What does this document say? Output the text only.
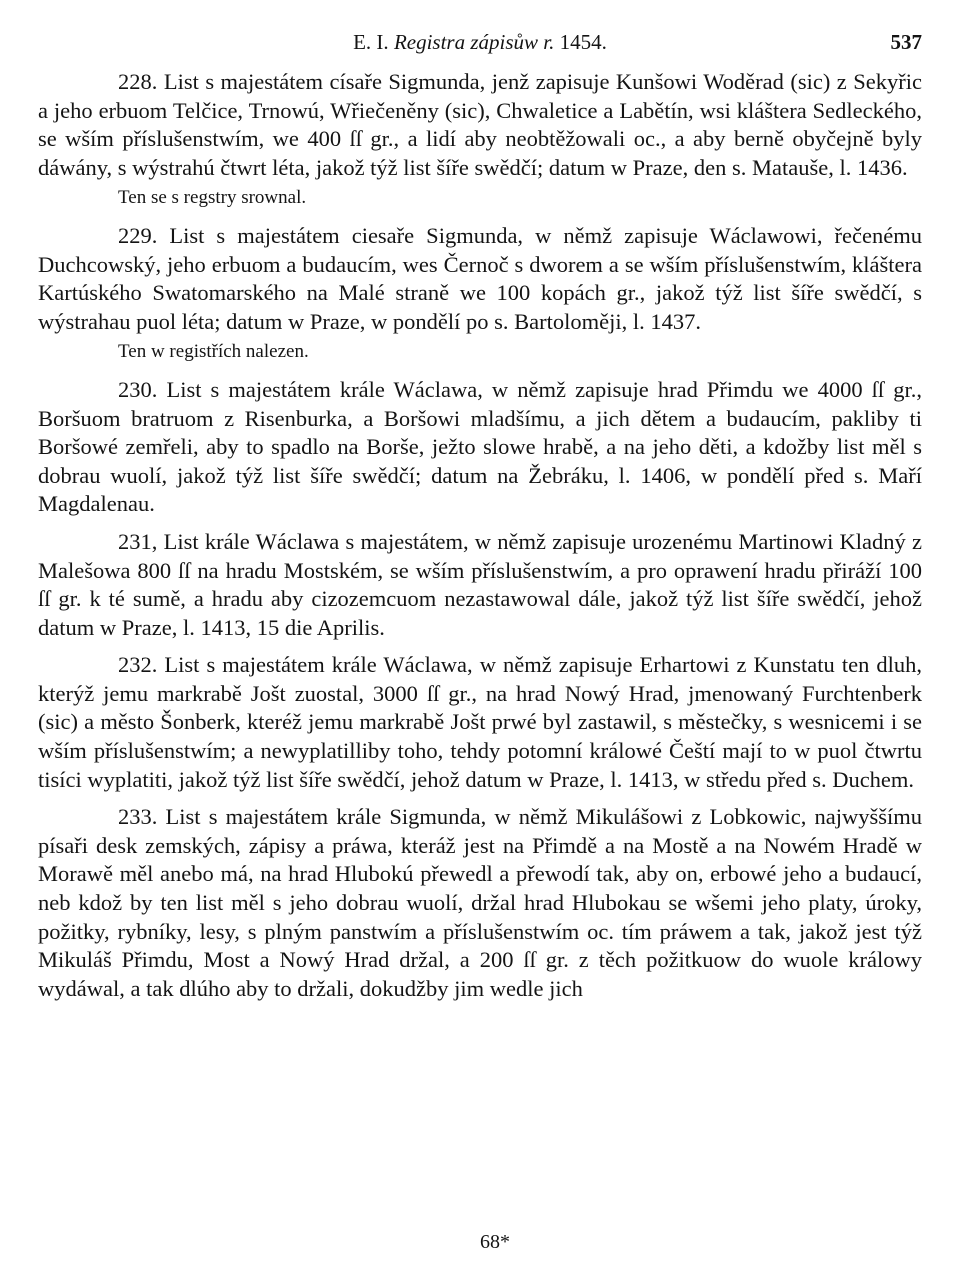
E. I. Registra zápisůw r. 1454.	537
228. List s majestátem císaře Sigmunda, jenž zapisuje Kunšowi Woděrad (sic) z Sekyřic a jeho erbuom Telčice, Trnowú, Wřiečeněny (sic), Chwaletice a Labětín, wsi kláštera Sedleckého, se wším příslušenstwím, we 400 ſſ gr., a lidí aby neobtěžowali oc., a aby berně obyčejně byly dáwány, s wýstrahú čtwrt léta, jakož týž list šíře swědčí; datum w Praze, den s. Matauše, l. 1436.
Ten se s regstry srownal.
229. List s majestátem ciesaře Sigmunda, w němž zapisuje Wáclawowi, řečenému Duchcowský, jeho erbuom a budaucím, wes Černoč s dworem a se wším příslušenstwím, kláštera Kartúského Swatomarského na Malé straně we 100 kopách gr., jakož týž list šíře swědčí, s wýstrahau puol léta; datum w Praze, w pondělí po s. Bartoloměji, l. 1437.
Ten w registřích nalezen.
230. List s majestátem krále Wáclawa, w němž zapisuje hrad Přimdu we 4000 ſſ gr., Boršuom bratruom z Risenburka, a Boršowi mladšímu, a jich dětem a budaucím, pakliby ti Boršowé zemřeli, aby to spadlo na Borše, ježto slowe hrabě, a na jeho děti, a kdožby list měl s dobrau wuolí, jakož týž list šíře swědčí; datum na Žebráku, l. 1406, w pondělí před s. Maří Magdalenau.
231, List krále Wáclawa s majestátem, w němž zapisuje urozenému Martinowi Kladný z Malešowa 800 ſſ na hradu Mostském, se wším příslušenstwím, a pro oprawení hradu přiráží 100 ſſ gr. k té sumě, a hradu aby cizozemcuom nezastawowal dále, jakož týž list šíře swědčí, jehož datum w Praze, l. 1413, 15 die Aprilis.
232. List s majestátem krále Wáclawa, w němž zapisuje Erhartowi z Kunstatu ten dluh, kterýž jemu markrabě Jošt zuostal, 3000 ſſ gr., na hrad Nowý Hrad, jmenowaný Furchtenberk (sic) a město Šonberk, kteréž jemu markrabě Jošt prwé byl zastawil, s městečky, s wesnicemi i se wším příslušenstwím; a newyplatilliby toho, tehdy potomní králowé Čeští mají to w puol čtwrtu tisíci wyplatiti, jakož týž list šíře swědčí, jehož datum w Praze, l. 1413, w středu před s. Duchem.
233. List s majestátem krále Sigmunda, w němž Mikulášowi z Lobkowic, najwyššímu písaři desk zemských, zápisy a práwa, kteráž jest na Přimdě a na Mostě a na Nowém Hradě w Morawě měl anebo má, na hrad Hlubokú přewedl a přewodí tak, aby on, erbowé jeho a budaucí, neb kdož by ten list měl s jeho dobrau wuolí, držal hrad Hlubokau se wšemi jeho platy, úroky, požitky, rybníky, lesy, s plným panstwím a příslušenstwím oc. tím práwem a tak, jakož jest týž Mikuláš Přimdu, Most a Nowý Hrad držal, a 200 ſſ gr. z těch požitkuow do wuole králowy wydáwal, a tak dlúho aby to držali, dokudžby jim wedle jich
68*
